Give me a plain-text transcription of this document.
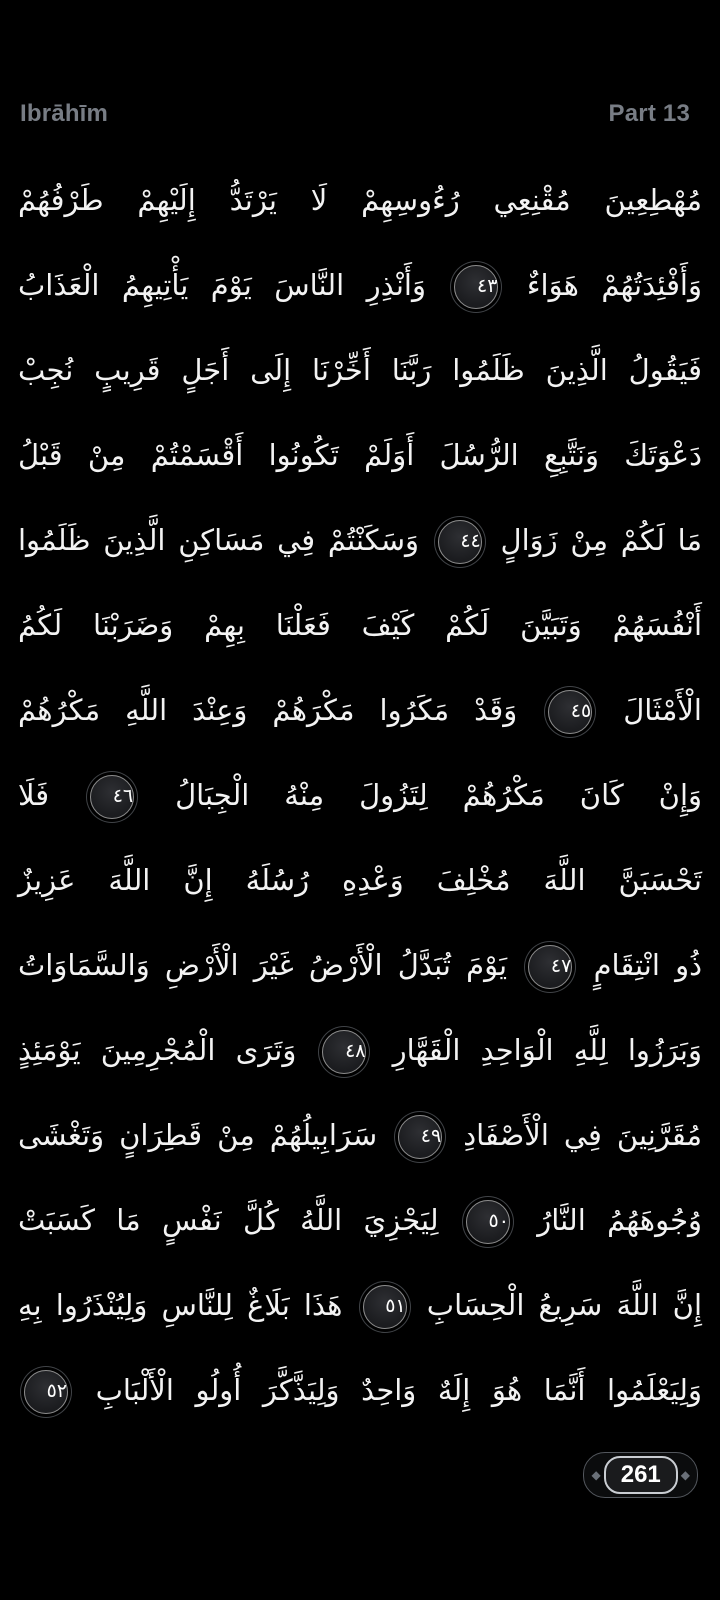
Ibrāhīm	Part 13
مُهْطِعِينَ مُقْنِعِي رُءُوسِهِمْ لَا يَرْتَدُّ إِلَيْهِمْ طَرْفُهُمْ
وَأَفْئِدَتُهُمْ هَوَاءٌ ٤٣ وَأَنْذِرِ النَّاسَ يَوْمَ يَأْتِيهِمُ الْعَذَابُ
فَيَقُولُ الَّذِينَ ظَلَمُوا رَبَّنَا أَخِّرْنَا إِلَى أَجَلٍ قَرِيبٍ نُجِبْ
دَعْوَتَكَ وَنَتَّبِعِ الرُّسُلَ أَوَلَمْ تَكُونُوا أَقْسَمْتُمْ مِنْ قَبْلُ
مَا لَكُمْ مِنْ زَوَالٍ ٤٤ وَسَكَنْتُمْ فِي مَسَاكِنِ الَّذِينَ ظَلَمُوا
أَنْفُسَهُمْ وَتَبَيَّنَ لَكُمْ كَيْفَ فَعَلْنَا بِهِمْ وَضَرَبْنَا لَكُمُ
الْأَمْثَالَ ٤٥ وَقَدْ مَكَرُوا مَكْرَهُمْ وَعِنْدَ اللَّهِ مَكْرُهُمْ
وَإِنْ كَانَ مَكْرُهُمْ لِتَزُولَ مِنْهُ الْجِبَالُ ٤٦ فَلَا
تَحْسَبَنَّ اللَّهَ مُخْلِفَ وَعْدِهِ رُسُلَهُ إِنَّ اللَّهَ عَزِيزٌ
ذُو انْتِقَامٍ ٤٧ يَوْمَ تُبَدَّلُ الْأَرْضُ غَيْرَ الْأَرْضِ وَالسَّمَاوَاتُ
وَبَرَزُوا لِلَّهِ الْوَاحِدِ الْقَهَّارِ ٤٨ وَتَرَى الْمُجْرِمِينَ يَوْمَئِذٍ
مُقَرَّنِينَ فِي الْأَصْفَادِ ٤٩ سَرَابِيلُهُمْ مِنْ قَطِرَانٍ وَتَغْشَى
وُجُوهَهُمُ النَّارُ ٥٠ لِيَجْزِيَ اللَّهُ كُلَّ نَفْسٍ مَا كَسَبَتْ
إِنَّ اللَّهَ سَرِيعُ الْحِسَابِ ٥١ هَذَا بَلَاغٌ لِلنَّاسِ وَلِيُنْذَرُوا بِهِ
وَلِيَعْلَمُوا أَنَّمَا هُوَ إِلَهٌ وَاحِدٌ وَلِيَذَّكَّرَ أُولُو الْأَلْبَابِ ٥٢
◆ 261	◆
